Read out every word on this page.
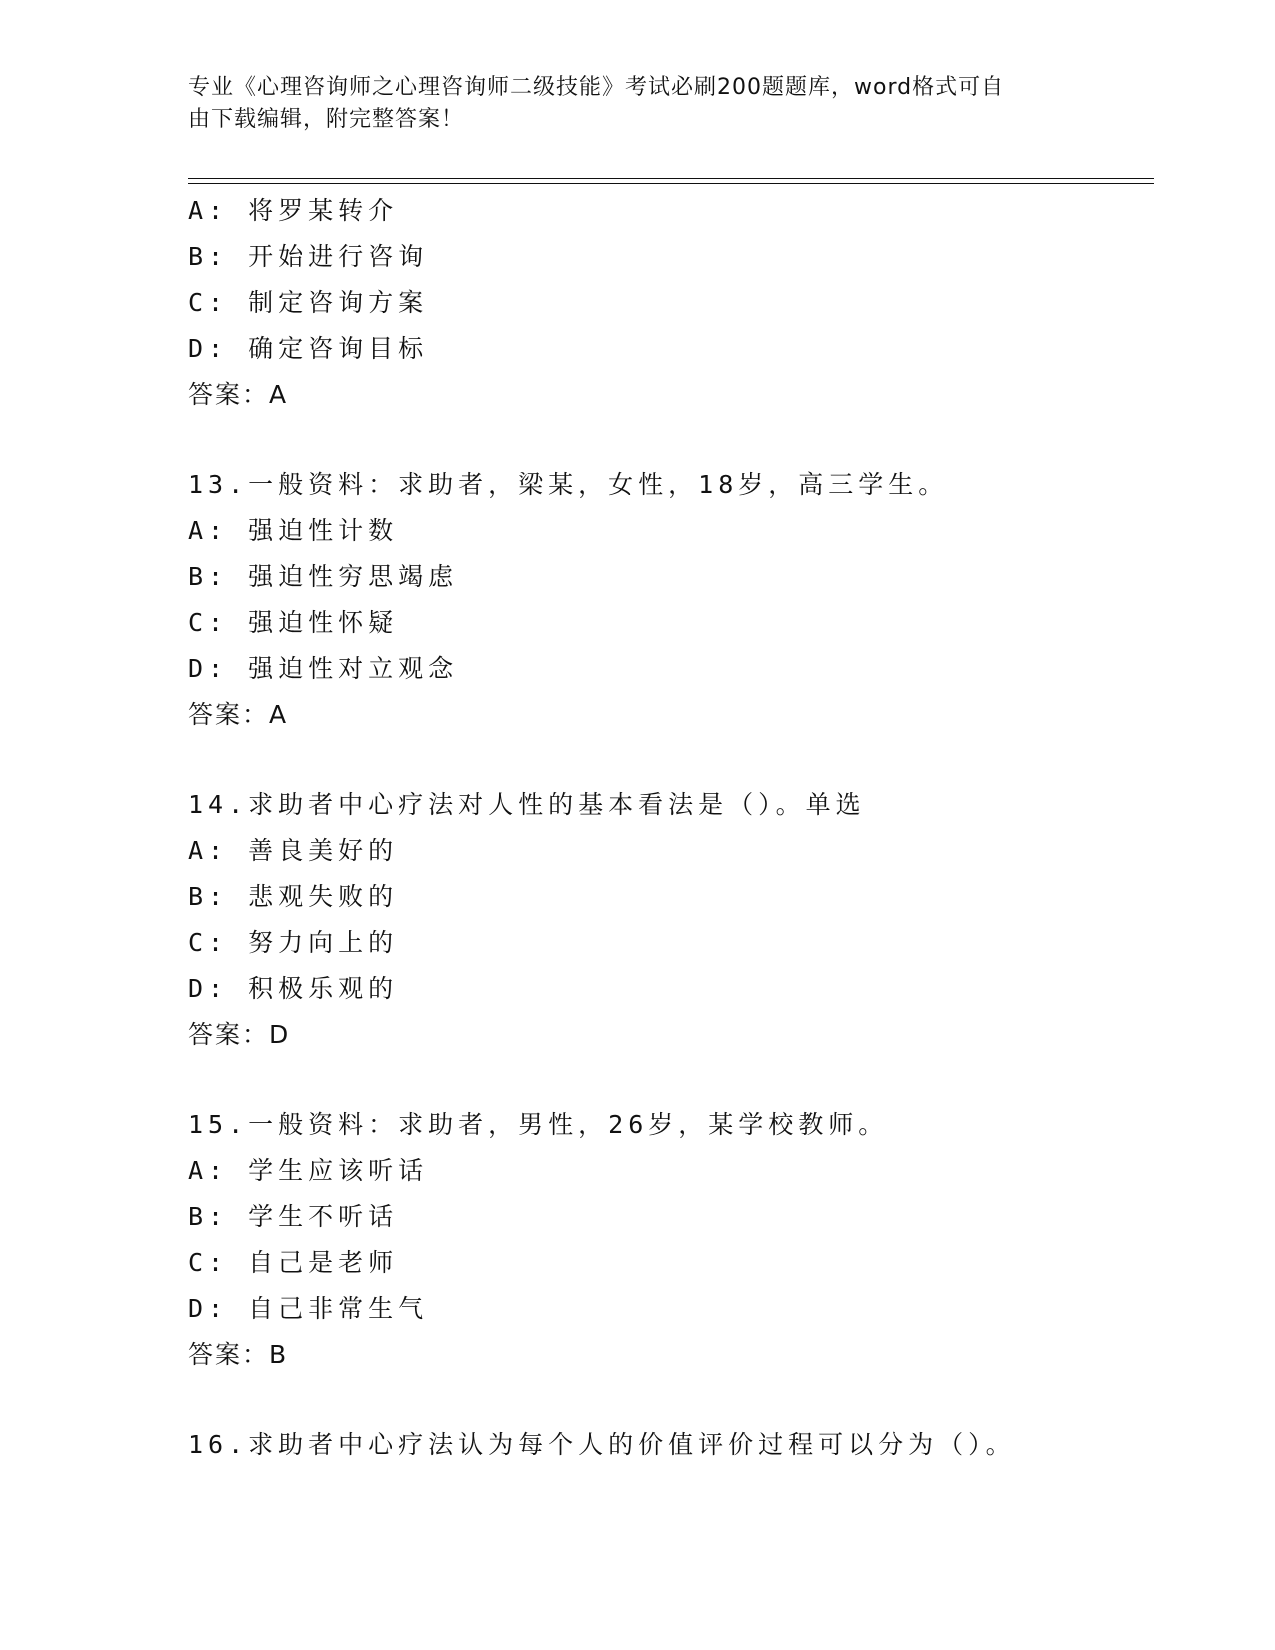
专业《心理咨询师之心理咨询师二级技能》考试必刷200题题库，word格式可自
由下载编辑，附完整答案！
A: 将罗某转介
B: 开始进行咨询
C: 制定咨询方案
D: 确定咨询目标
答案：A
13.一般资料：求助者，梁某，女性，18岁，高三学生。
A: 强迫性计数
B: 强迫性穷思竭虑
C: 强迫性怀疑
D: 强迫性对立观念
答案：A
14.求助者中心疗法对人性的基本看法是（）。单选
A: 善良美好的
B: 悲观失败的
C: 努力向上的
D: 积极乐观的
答案：D
15.一般资料：求助者，男性，26岁，某学校教师。
A: 学生应该听话
B: 学生不听话
C: 自己是老师
D: 自己非常生气
答案：B
16.求助者中心疗法认为每个人的价值评价过程可以分为（）。
